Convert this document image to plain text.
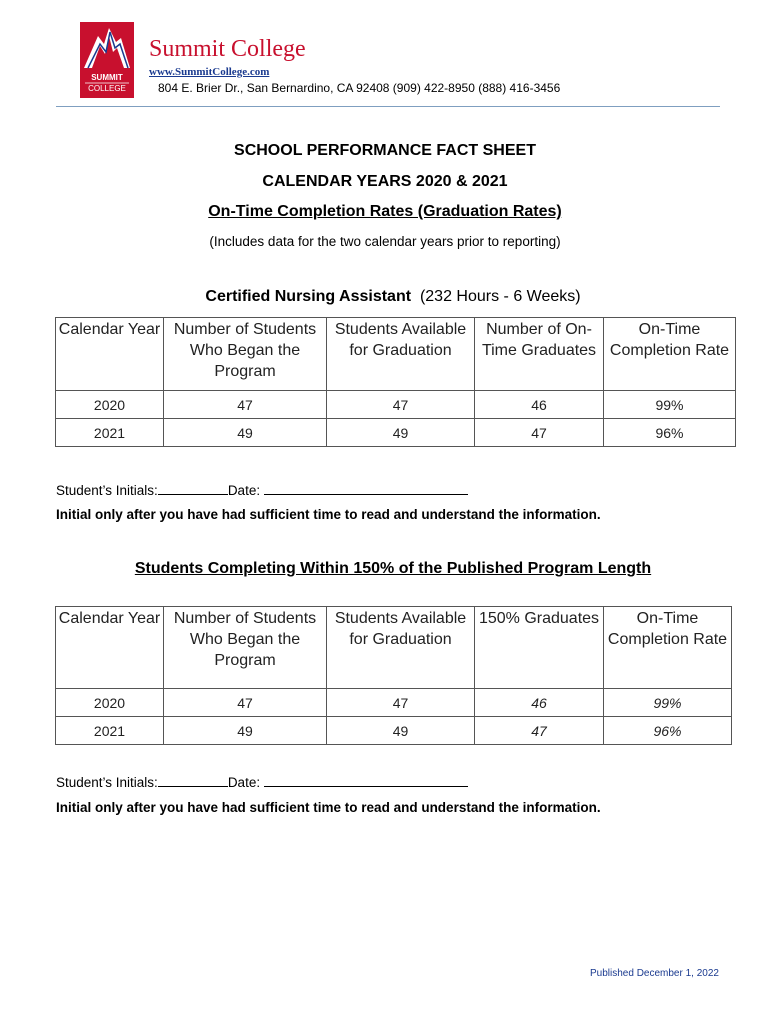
SUMMIT
COLLEGE
Summit College
www.SummitCollege.com
804 E. Brier Dr., San Bernardino, CA 92408 (909) 422-8950 (888) 416-3456
SCHOOL PERFORMANCE FACT SHEET
CALENDAR YEARS 2020 & 2021
On-Time Completion Rates (Graduation Rates)
(Includes data for the two calendar years prior to reporting)
Certified Nursing Assistant (232 Hours - 6 Weeks)
Calendar Year	Number of Students Who Began the Program	Students Available for Graduation	Number of On-Time Graduates	On-Time Completion Rate
2020	47	47	46	99%
2021	49	49	47	96%
Student’s Initials:	Date:
Initial only after you have had sufficient time to read and understand the information.
Students Completing Within 150% of the Published Program Length
Calendar Year	Number of Students Who Began the Program	Students Available for Graduation	150% Graduates	On-Time Completion Rate
2020	47	47	46	99%
2021	49	49	47	96%
Student’s Initials:	Date:
Initial only after you have had sufficient time to read and understand the information.
Published December 1, 2022
